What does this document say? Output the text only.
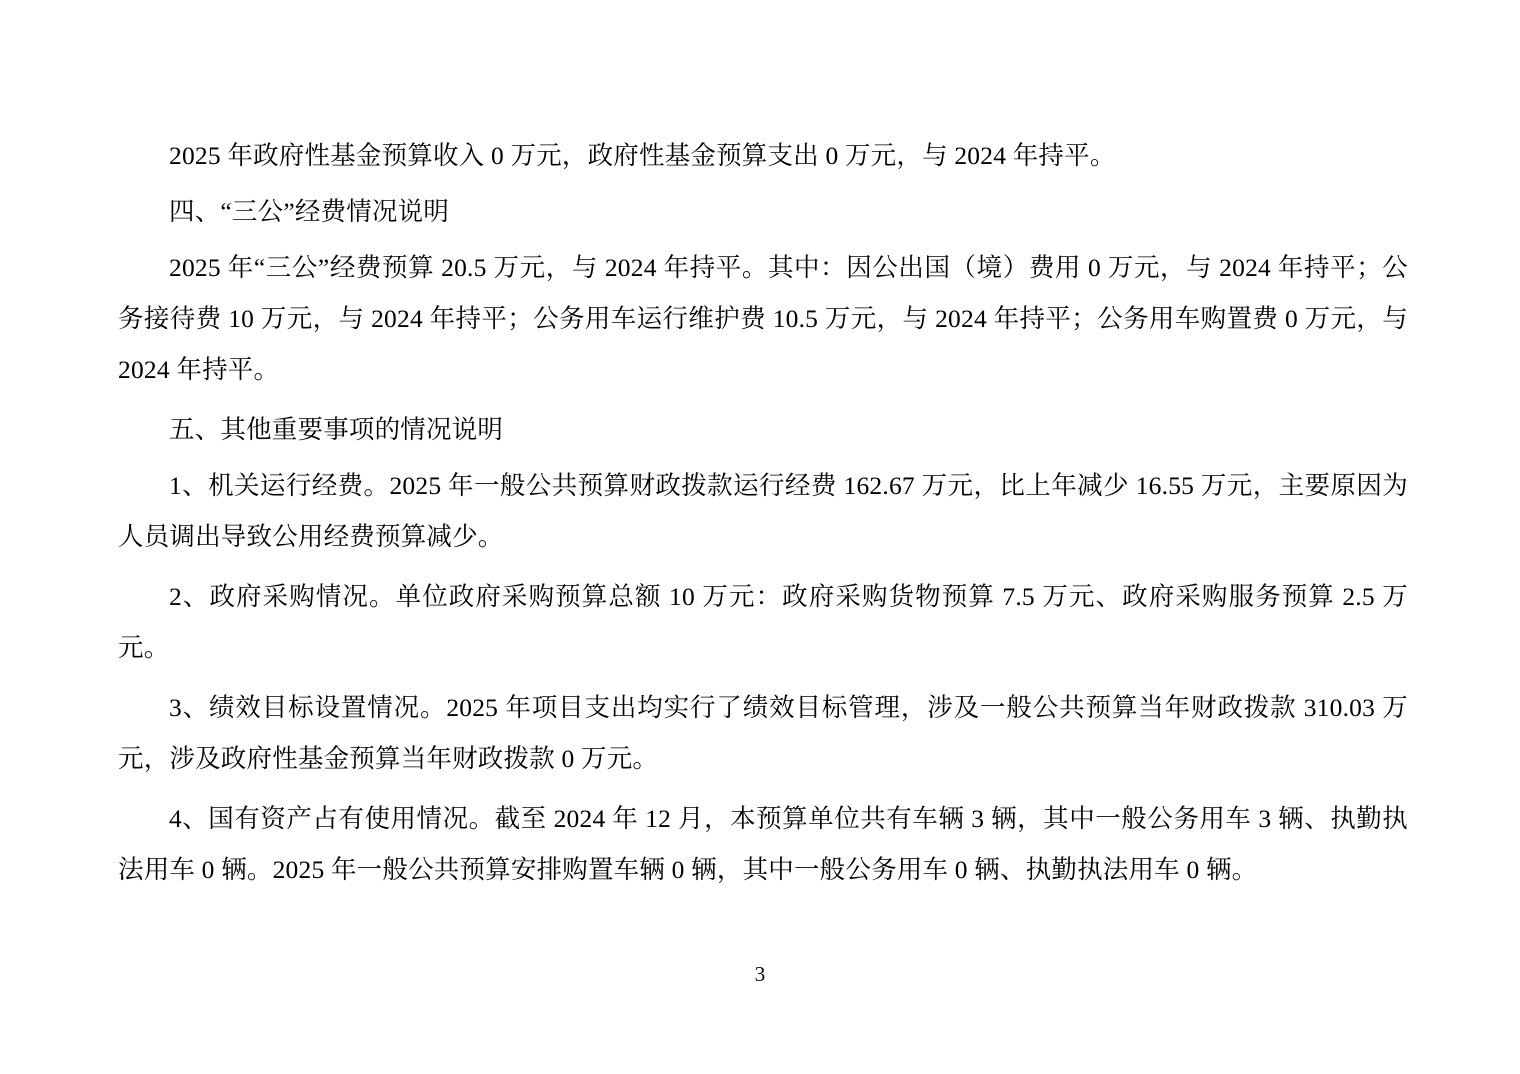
2025 年政府性基金预算收入 0 万元，政府性基金预算支出 0 万元，与 2024 年持平。

四、“三公”经费情况说明

2025 年“三公”经费预算 20.5 万元，与 2024 年持平。其中：因公出国（境）费用 0 万元，与 2024 年持平；公务接待费 10 万元，与 2024 年持平；公务用车运行维护费 10.5 万元，与 2024 年持平；公务用车购置费 0 万元，与 2024 年持平。

五、其他重要事项的情况说明

1、机关运行经费。2025 年一般公共预算财政拨款运行经费 162.67 万元，比上年减少 16.55 万元，主要原因为人员调出导致公用经费预算减少。

2、政府采购情况。单位政府采购预算总额 10 万元：政府采购货物预算 7.5 万元、政府采购服务预算 2.5 万元。

3、绩效目标设置情况。2025 年项目支出均实行了绩效目标管理，涉及一般公共预算当年财政拨款 310.03 万元，涉及政府性基金预算当年财政拨款 0 万元。

4、国有资产占有使用情况。截至 2024 年 12 月，本预算单位共有车辆 3 辆，其中一般公务用车 3 辆、执勤执法用车 0 辆。2025 年一般公共预算安排购置车辆 0 辆，其中一般公务用车 0 辆、执勤执法用车 0 辆。

3
